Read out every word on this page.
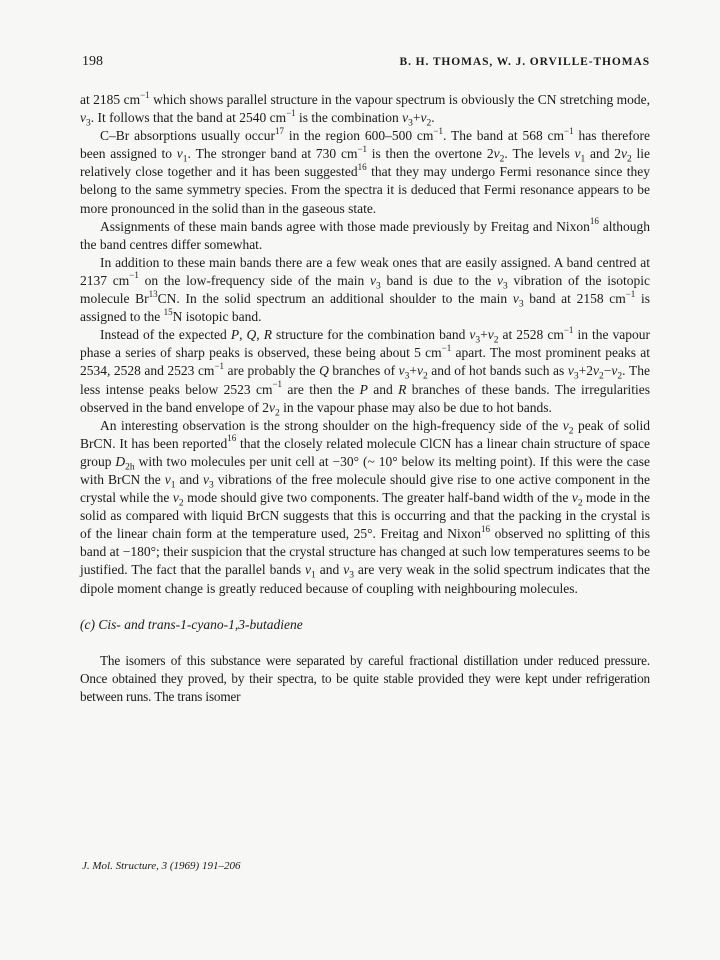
198	B. H. THOMAS, W. J. ORVILLE-THOMAS

at 2185 $cm^{-1}$ which shows parallel structure in the vapour spectrum is obviously the CN stretching mode, $\nu_3$. It follows that the band at 2540 $cm^{-1}$ is the combination $\nu_3+\nu_2$.

C–Br absorptions usually occur$^{17}$ in the region 600–500 $cm^{-1}$. The band at 568 $cm^{-1}$ has therefore been assigned to $\nu_1$. The stronger band at 730 $cm^{-1}$ is then the overtone $2\nu_2$. The levels $\nu_1$ and $2\nu_2$ lie relatively close together and it has been suggested$^{16}$ that they may undergo Fermi resonance since they belong to the same symmetry species. From the spectra it is deduced that Fermi resonance appears to be more pronounced in the solid than in the gaseous state.

Assignments of these main bands agree with those made previously by Freitag and Nixon$^{16}$ although the band centres differ somewhat.

In addition to these main bands there are a few weak ones that are easily assigned. A band centred at 2137 $cm^{-1}$ on the low-frequency side of the main $\nu_3$ band is due to the $\nu_3$ vibration of the isotopic molecule Br$^{13}$CN. In the solid spectrum an additional shoulder to the main $\nu_3$ band at 2158 $cm^{-1}$ is assigned to the $^{15}$N isotopic band.

Instead of the expected P, Q, R structure for the combination band $\nu_3+\nu_2$ at 2528 $cm^{-1}$ in the vapour phase a series of sharp peaks is observed, these being about 5 $cm^{-1}$ apart. The most prominent peaks at 2534, 2528 and 2523 $cm^{-1}$ are probably the Q branches of $\nu_3+\nu_2$ and of hot bands such as $\nu_3+2\nu_2-\nu_2$. The less intense peaks below 2523 $cm^{-1}$ are then the P and R branches of these bands. The irregularities observed in the band envelope of $2\nu_2$ in the vapour phase may also be due to hot bands.

An interesting observation is the strong shoulder on the high-frequency side of the $\nu_2$ peak of solid BrCN. It has been reported$^{16}$ that the closely related molecule ClCN has a linear chain structure of space group $D_{2h}$ with two molecules per unit cell at −30° (~ 10° below its melting point). If this were the case with BrCN the $\nu_1$ and $\nu_3$ vibrations of the free molecule should give rise to one active component in the crystal while the $\nu_2$ mode should give two components. The greater half-band width of the $\nu_2$ mode in the solid as compared with liquid BrCN suggests that this is occurring and that the packing in the crystal is of the linear chain form at the temperature used, 25°. Freitag and Nixon$^{16}$ observed no splitting of this band at −180°; their suspicion that the crystal structure has changed at such low temperatures seems to be justified. The fact that the parallel bands $\nu_1$ and $\nu_3$ are very weak in the solid spectrum indicates that the dipole moment change is greatly reduced because of coupling with neighbouring molecules.

(c) Cis- and trans-1-cyano-1,3-butadiene

The isomers of this substance were separated by careful fractional distillation under reduced pressure. Once obtained they proved, by their spectra, to be quite stable provided they were kept under refrigeration between runs. The trans isomer

J. Mol. Structure, 3 (1969) 191–206
